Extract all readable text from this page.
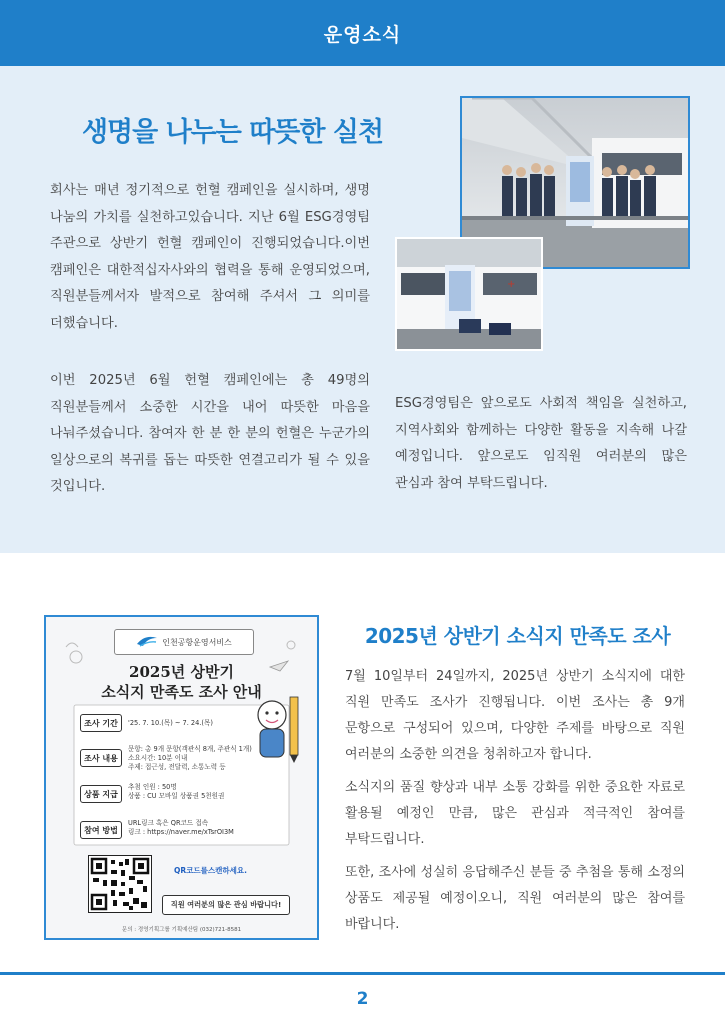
운영소식
생명을 나누는 따뜻한 실천

회사는 매년 정기적으로 헌혈 캠페인을 실시하며, 생명 나눔의 가치를 실천하고있습니다. 지난 6월 ESG경영팀 주관으로 상반기 헌혈 캠페인이 진행되었습니다.이번 캠페인은 대한적십자사와의 협력을 통해 운영되었으며, 직원분들께서자 발적으로 참여해 주셔서 그 의미를 더했습니다.

이번 2025년 6월 헌혈 캠페인에는 총 49명의 직원분들께서 소중한 시간을 내어 따뜻한 마음을 나눠주셨습니다. 참여자 한 분 한 분의 헌혈은 누군가의 일상으로의 복귀를 돕는 따뜻한 연결고리가 될 수 있을 것입니다.

ESG경영팀은 앞으로도 사회적 책임을 실천하고, 지역사회와 함께하는 다양한 활동을 지속해 나갈 예정입니다. 앞으로도 임직원 여러분의 많은 관심과 참여 부탁드립니다.

+
2025년 상반기 소식지 만족도 조사

7월 10일부터 24일까지, 2025년 상반기 소식지에 대한 직원 만족도 조사가 진행됩니다. 이번 조사는 총 9개 문항으로 구성되어 있으며, 다양한 주제를 바탕으로 직원 여러분의 소중한 의견을 청취하고자 합니다.

소식지의 품질 향상과 내부 소통 강화를 위한 중요한 자료로 활용될 예정인 만큼, 많은 관심과 적극적인 참여를 부탁드립니다.

또한, 조사에 성실히 응답해주신 분들 중 추첨을 통해 소정의 상품도 제공될 예정이오니, 직원 여러분의 많은 참여를 바랍니다.

인천공항운영서비스
2025년 상반기
소식지 만족도 조사 안내
조사 기간	'25. 7. 10.(목) ~ 7. 24.(목)
조사 내용
문항: 총 9개 문항(객관식 8개, 주관식 1개)
소요시간: 10분 이내
주제: 접근성, 전달력, 소통노력 등
상품 지급
추첨 인원 : 50명
상품 : CU 모바일 상품권 5천원권
참여 방법
URL링크 혹은 QR코드 접속
링크 : https://naver.me/xTsrOI3M
QR코드를스캔하세요.
직원 여러분의 많은 관심 바랍니다!
문의 : 경영기획그룹 기획예산팀 (032)721-8581
2
